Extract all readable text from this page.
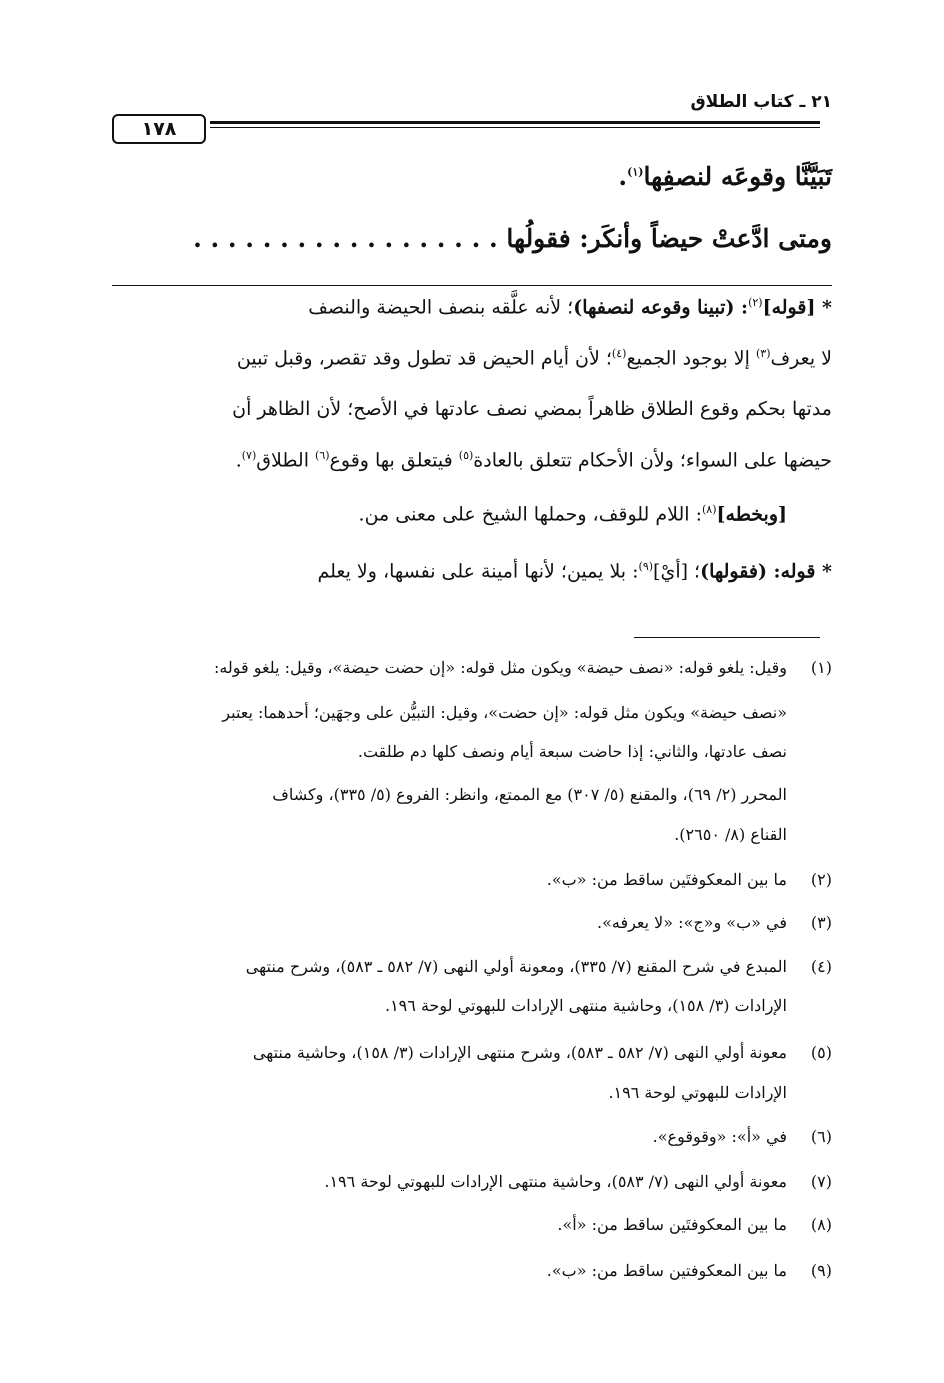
٢١ ـ كتاب الطلاق
١٧٨
تَبَيَّنَّا وقوعَه لنصفِها$^{(١)}$.
ومتى ادَّعتْ حيضاً وأنكَر: فقولُها . . . . . . . . . . . . . . . . . .
* [قوله]$^{(٢)}$: (تبينا وقوعه لنصفها)؛ لأنه علَّقه بنصف الحيضة والنصف
لا يعرف$^{(٣)}$ إلا بوجود الجميع$^{(٤)}$؛ لأن أيام الحيض قد تطول وقد تقصر، وقبل تبين
مدتها بحكم وقوع الطلاق ظاهراً بمضي نصف عادتها في الأصح؛ لأن الظاهر أن
حيضها على السواء؛ ولأن الأحكام تتعلق بالعادة$^{(٥)}$ فيتعلق بها وقوع$^{(٦)}$ الطلاق$^{(٧)}$.
[وبخطه]$^{(٨)}$: اللام للوقف، وحملها الشيخ على معنى من.
* قوله: (فقولها)؛ [أيْ]$^{(٩)}$: بلا يمين؛ لأنها أمينة على نفسها، ولا يعلم
(١)
وقيل: يلغو قوله: «نصف حيضة» ويكون مثل قوله: «إن حضت حيضة»، وقيل: يلغو قوله:
«نصف حيضة» ويكون مثل قوله: «إن حضت»، وقيل: التبيُّن على وجهَين؛ أحدهما: يعتبر
نصف عادتها، والثاني: إذا حاضت سبعة أيام ونصف كلها دم طلقت.
المحرر (٢/ ٦٩)، والمقنع (٥/ ٣٠٧) مع الممتع، وانظر: الفروع (٥/ ٣٣٥)، وكشاف
القناع (٨/ ٢٦٥٠).
(٢)
ما بين المعكوفتَين ساقط من: «ب».
(٣)
في «ب» و«ج»: «لا يعرفه».
(٤)
المبدع في شرح المقنع (٧/ ٣٣٥)، ومعونة أولي النهى (٧/ ٥٨٢ ـ ٥٨٣)، وشرح منتهى
الإرادات (٣/ ١٥٨)، وحاشية منتهى الإرادات للبهوتي لوحة ١٩٦.
(٥)
معونة أولي النهى (٧/ ٥٨٢ ـ ٥٨٣)، وشرح منتهى الإرادات (٣/ ١٥٨)، وحاشية منتهى
الإرادات للبهوتي لوحة ١٩٦.
(٦)
في «أ»: «وقوقوع».
(٧)
معونة أولي النهى (٧/ ٥٨٣)، وحاشية منتهى الإرادات للبهوتي لوحة ١٩٦.
(٨)
ما بين المعكوفتَين ساقط من: «أ».
(٩)
ما بين المعكوفتين ساقط من: «ب».
